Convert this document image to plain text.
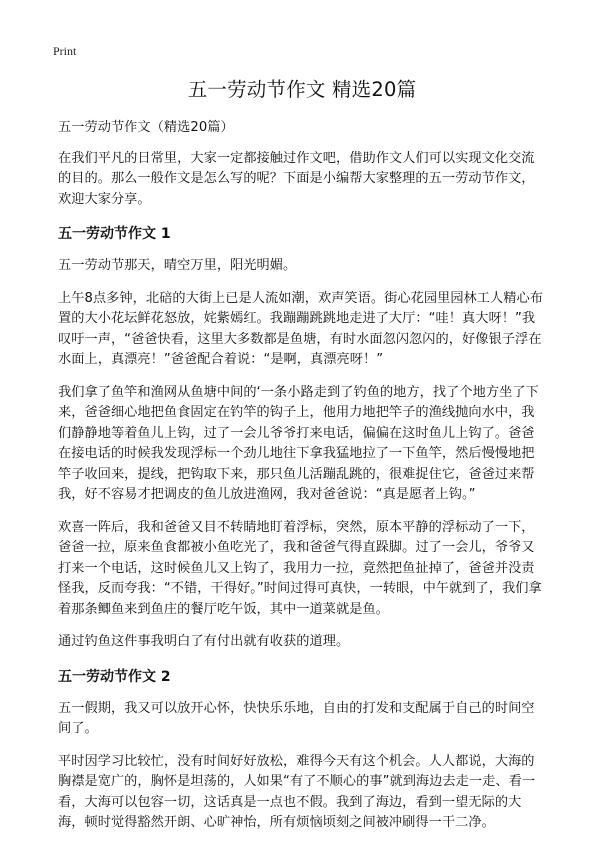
Print
五一劳动节作文 精选20篇

五一劳动节作文（精选20篇）

在我们平凡的日常里，大家一定都接触过作文吧，借助作文人们可以实现文化交流的目的。那么一般作文是怎么写的呢？下面是小编帮大家整理的五一劳动节作文，欢迎大家分享。

五一劳动节作文 1

五一劳动节那天，晴空万里，阳光明媚。

上午8点多钟，北碚的大街上已是人流如潮，欢声笑语。街心花园里园林工人精心布置的大小花坛鲜花怒放，姹紫嫣红。我蹦蹦跳跳地走进了大厅：“哇！真大呀！”我叹吁一声，“爸爸快看，这里大多数都是鱼塘，有时水面忽闪忽闪的，好像银子浮在水面上，真漂亮！”爸爸配合着说：“是啊，真漂亮呀！”

我们拿了鱼竿和渔网从鱼塘中间的‘一条小路走到了钓鱼的地方，找了个地方坐了下来，爸爸细心地把鱼食固定在钓竿的钩子上，他用力地把竿子的渔线抛向水中，我们静静地等着鱼儿上钩，过了一会儿爷爷打来电话，偏偏在这时鱼儿上钩了。爸爸在接电话的时候我发现浮标一个劲儿地往下拿我猛地拉了一下鱼竿，然后慢慢地把竿子收回来，提线，把钩取下来，那只鱼儿活蹦乱跳的，很难捉住它，爸爸过来帮我，好不容易才把调皮的鱼儿放进渔网，我对爸爸说：“真是愿者上钩。”

欢喜一阵后，我和爸爸又目不转睛地盯着浮标，突然，原本平静的浮标动了一下，爸爸一拉，原来鱼食都被小鱼吃光了，我和爸爸气得直跺脚。过了一会儿，爷爷又打来一个电话，这时候鱼儿又上钩了，我用力一拉，竟然把鱼扯掉了，爸爸并没责怪我，反而夸我：“不错，干得好。”时间过得可真快，一转眼，中午就到了，我们拿着那条鲫鱼来到鱼庄的餐厅吃午饭，其中一道菜就是鱼。

通过钓鱼这件事我明白了有付出就有收获的道理。

五一劳动节作文 2

五一假期，我又可以放开心怀，快快乐乐地，自由的打发和支配属于自己的时间空间了。

平时因学习比较忙，没有时间好好放松，难得今天有这个机会。人人都说，大海的胸襟是宽广的，胸怀是坦荡的，人如果“有了不顺心的事”就到海边去走一走、看一看，大海可以包容一切，这话真是一点也不假。我到了海边，看到一望无际的大海，顿时觉得豁然开朗、心旷神怡，所有烦恼顷刻之间被冲刷得一干二净。
